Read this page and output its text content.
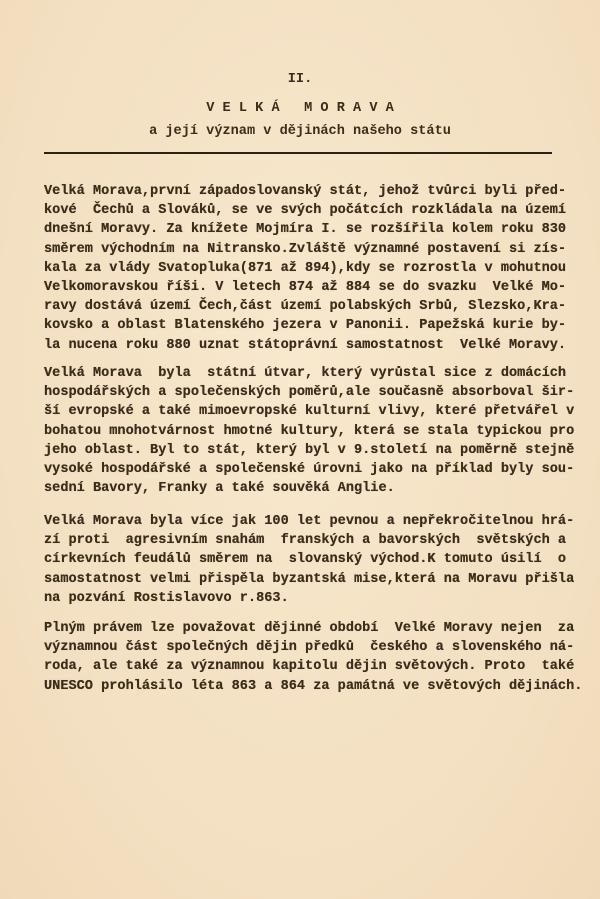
II.
V E L K Á   M O R A V A
a její význam v dějinách našeho státu
Velká Morava,první západoslovanský stát, jehož tvůrci byli před-
kové  Čechů a Slováků, se ve svých počátcích rozkládala na území
dnešní Moravy. Za knížete Mojmíra I. se rozšířila kolem roku 830
směrem východním na Nitransko.Zvláště významné postavení si zís-
kala za vlády Svatopluka(871 až 894),kdy se rozrostla v mohutnou
Velkomoravskou říši. V letech 874 až 884 se do svazku  Velké Mo-
ravy dostává území Čech,část území polabských Srbů, Slezsko,Kra-
kovsko a oblast Blatenského jezera v Panonii. Papežská kurie by-
la nucena roku 880 uznat státoprávní samostatnost  Velké Moravy.
Velká Morava  byla  státní útvar, který vyrůstal sice z domácích
hospodářských a společenských poměrů,ale současně absorboval šir-
ší evropské a také mimoevropské kulturní vlivy, které přetvářel v
bohatou mnohotvárnost hmotné kultury, která se stala typickou pro
jeho oblast. Byl to stát, který byl v 9.století na poměrně stejně
vysoké hospodářské a společenské úrovni jako na příklad byly sou-
sední Bavory, Franky a také souvěká Anglie.
Velká Morava byla více jak 100 let pevnou a nepřekročitelnou hrá-
zí proti  agresivním snahám  franských a bavorských  světských a
církevních feudálů směrem na  slovanský východ.K tomuto úsilí  o
samostatnost velmi přispěla byzantská mise,která na Moravu přišla
na pozvání Rostislavovo r.863.
Plným právem lze považovat dějinné období  Velké Moravy nejen  za
významnou část společných dějin předků  českého a slovenského ná-
roda, ale také za významnou kapitolu dějin světových. Proto  také
UNESCO prohlásilo léta 863 a 864 za památná ve světových dějinách.
